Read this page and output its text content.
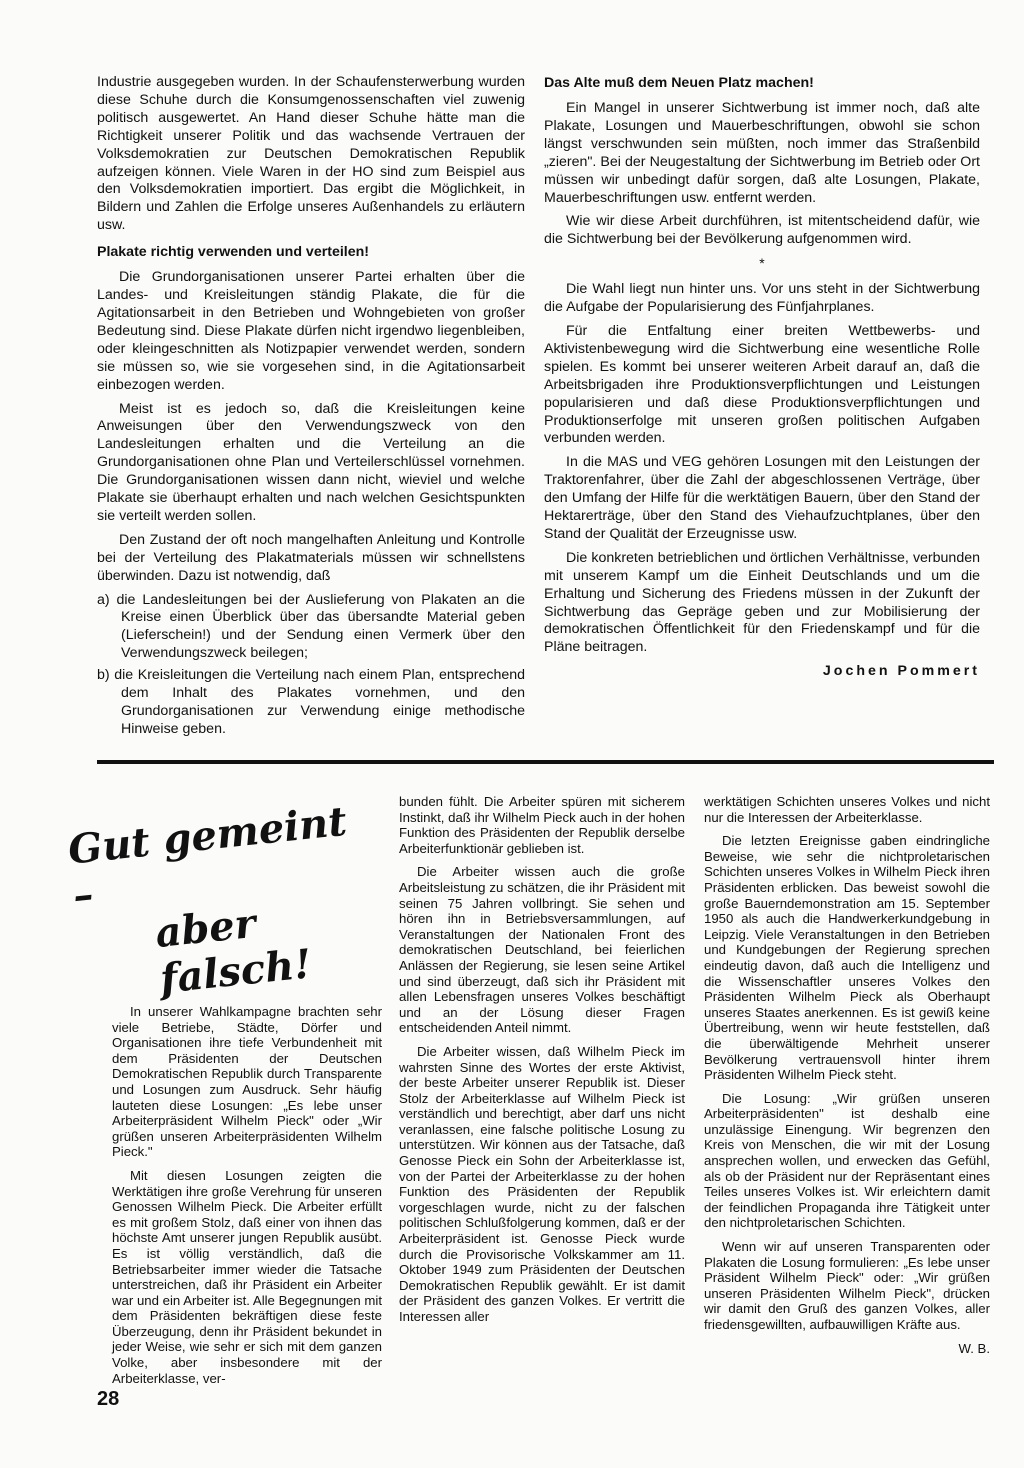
Industrie ausgegeben wurden. In der Schaufensterwerbung wurden diese Schuhe durch die Konsumgenossenschaften viel zuwenig politisch ausgewertet. An Hand dieser Schuhe hätte man die Richtigkeit unserer Politik und das wachsende Vertrauen der Volksdemokratien zur Deutschen Demokratischen Republik aufzeigen können. Viele Waren in der HO sind zum Beispiel aus den Volksdemokratien importiert. Das ergibt die Möglichkeit, in Bildern und Zahlen die Erfolge unseres Außenhandels zu erläutern usw.

Plakate richtig verwenden und verteilen!

Die Grundorganisationen unserer Partei erhalten über die Landes- und Kreisleitungen ständig Plakate, die für die Agitationsarbeit in den Betrieben und Wohngebieten von großer Bedeutung sind. Diese Plakate dürfen nicht irgendwo liegenbleiben, oder kleingeschnitten als Notizpapier verwendet werden, sondern sie müssen so, wie sie vorgesehen sind, in die Agitationsarbeit einbezogen werden.

Meist ist es jedoch so, daß die Kreisleitungen keine Anweisungen über den Verwendungszweck von den Landesleitungen erhalten und die Verteilung an die Grundorganisationen ohne Plan und Verteilerschlüssel vornehmen. Die Grundorganisationen wissen dann nicht, wieviel und welche Plakate sie überhaupt erhalten und nach welchen Gesichtspunkten sie verteilt werden sollen.

Den Zustand der oft noch mangelhaften Anleitung und Kontrolle bei der Verteilung des Plakatmaterials müssen wir schnellstens überwinden. Dazu ist notwendig, daß

a) die Landesleitungen bei der Auslieferung von Plakaten an die Kreise einen Überblick über das übersandte Material geben (Lieferschein!) und der Sendung einen Vermerk über den Verwendungszweck beilegen;
b) die Kreisleitungen die Verteilung nach einem Plan, entsprechend dem Inhalt des Plakates vornehmen, und den Grundorganisationen zur Verwendung einige methodische Hinweise geben.
Das Alte muß dem Neuen Platz machen!

Ein Mangel in unserer Sichtwerbung ist immer noch, daß alte Plakate, Losungen und Mauerbeschriftungen, obwohl sie schon längst verschwunden sein müßten, noch immer das Straßenbild „zieren". Bei der Neugestaltung der Sichtwerbung im Betrieb oder Ort müssen wir unbedingt dafür sorgen, daß alte Losungen, Plakate, Mauerbeschriftungen usw. entfernt werden.

Wie wir diese Arbeit durchführen, ist mitentscheidend dafür, wie die Sichtwerbung bei der Bevölkerung aufgenommen wird.

*

Die Wahl liegt nun hinter uns. Vor uns steht in der Sichtwerbung die Aufgabe der Popularisierung des Fünfjahrplanes.

Für die Entfaltung einer breiten Wettbewerbs- und Aktivistenbewegung wird die Sichtwerbung eine wesentliche Rolle spielen. Es kommt bei unserer weiteren Arbeit darauf an, daß die Arbeitsbrigaden ihre Produktionsverpflichtungen und Leistungen popularisieren und daß diese Produktionsverpflichtungen und Produktionserfolge mit unseren großen politischen Aufgaben verbunden werden.

In die MAS und VEG gehören Losungen mit den Leistungen der Traktorenfahrer, über die Zahl der abgeschlossenen Verträge, über den Umfang der Hilfe für die werktätigen Bauern, über den Stand der Hektarerträge, über den Stand des Viehaufzuchtplanes, über den Stand der Qualität der Erzeugnisse usw.

Die konkreten betrieblichen und örtlichen Verhältnisse, verbunden mit unserem Kampf um die Einheit Deutschlands und um die Erhaltung und Sicherung des Friedens müssen in der Zukunft der Sichtwerbung das Gepräge geben und zur Mobilisierung der demokratischen Öffentlichkeit für den Friedenskampf und für die Pläne beitragen.

Jochen Pommert
Gut gemeint –
aber falsch!

In unserer Wahlkampagne brachten sehr viele Betriebe, Städte, Dörfer und Organisationen ihre tiefe Verbundenheit mit dem Präsidenten der Deutschen Demokratischen Republik durch Transparente und Losungen zum Ausdruck. Sehr häufig lauteten diese Losungen: „Es lebe unser Arbeiterpräsident Wilhelm Pieck" oder „Wir grüßen unseren Arbeiterpräsidenten Wilhelm Pieck."

Mit diesen Losungen zeigten die Werktätigen ihre große Verehrung für unseren Genossen Wilhelm Pieck. Die Arbeiter erfüllt es mit großem Stolz, daß einer von ihnen das höchste Amt unserer jungen Republik ausübt. Es ist völlig verständlich, daß die Betriebsarbeiter immer wieder die Tatsache unterstreichen, daß ihr Präsident ein Arbeiter war und ein Arbeiter ist. Alle Begegnungen mit dem Präsidenten bekräftigen diese feste Überzeugung, denn ihr Präsident bekundet in jeder Weise, wie sehr er sich mit dem ganzen Volke, aber insbesondere mit der Arbeiterklasse, ver-

bunden fühlt. Die Arbeiter spüren mit sicherem Instinkt, daß ihr Wilhelm Pieck auch in der hohen Funktion des Präsidenten der Republik derselbe Arbeiterfunktionär geblieben ist.

Die Arbeiter wissen auch die große Arbeitsleistung zu schätzen, die ihr Präsident mit seinen 75 Jahren vollbringt. Sie sehen und hören ihn in Betriebsversammlungen, auf Veranstaltungen der Nationalen Front des demokratischen Deutschland, bei feierlichen Anlässen der Regierung, sie lesen seine Artikel und sind überzeugt, daß sich ihr Präsident mit allen Lebensfragen unseres Volkes beschäftigt und an der Lösung dieser Fragen entscheidenden Anteil nimmt.

Die Arbeiter wissen, daß Wilhelm Pieck im wahrsten Sinne des Wortes der erste Aktivist, der beste Arbeiter unserer Republik ist. Dieser Stolz der Arbeiterklasse auf Wilhelm Pieck ist verständlich und berechtigt, aber darf uns nicht veranlassen, eine falsche politische Losung zu unterstützen. Wir können aus der Tatsache, daß Genosse Pieck ein Sohn der Arbeiterklasse ist, von der Partei der Arbeiterklasse zu der hohen Funktion des Präsidenten der Republik vorgeschlagen wurde, nicht zu der falschen politischen Schlußfolgerung kommen, daß er der Arbeiterpräsident ist. Genosse Pieck wurde durch die Provisorische Volkskammer am 11. Oktober 1949 zum Präsidenten der Deutschen Demokratischen Republik gewählt. Er ist damit der Präsident des ganzen Volkes. Er vertritt die Interessen aller

werktätigen Schichten unseres Volkes und nicht nur die Interessen der Arbeiterklasse.

Die letzten Ereignisse gaben eindringliche Beweise, wie sehr die nichtproletarischen Schichten unseres Volkes in Wilhelm Pieck ihren Präsidenten erblicken. Das beweist sowohl die große Bauerndemonstration am 15. September 1950 als auch die Handwerkerkundgebung in Leipzig. Viele Veranstaltungen in den Betrieben und Kundgebungen der Regierung sprechen eindeutig davon, daß auch die Intelligenz und die Wissenschaftler unseres Volkes den Präsidenten Wilhelm Pieck als Oberhaupt unseres Staates anerkennen. Es ist gewiß keine Übertreibung, wenn wir heute feststellen, daß die überwältigende Mehrheit unserer Bevölkerung vertrauensvoll hinter ihrem Präsidenten Wilhelm Pieck steht.

Die Losung: „Wir grüßen unseren Arbeiterpräsidenten" ist deshalb eine unzulässige Einengung. Wir begrenzen den Kreis von Menschen, die wir mit der Losung ansprechen wollen, und erwecken das Gefühl, als ob der Präsident nur der Repräsentant eines Teiles unseres Volkes ist. Wir erleichtern damit der feindlichen Propaganda ihre Tätigkeit unter den nichtproletarischen Schichten.

Wenn wir auf unseren Transparenten oder Plakaten die Losung formulieren: „Es lebe unser Präsident Wilhelm Pieck" oder: „Wir grüßen unseren Präsidenten Wilhelm Pieck", drücken wir damit den Gruß des ganzen Volkes, aller friedensgewillten, aufbauwilligen Kräfte aus.

W. B.
28
